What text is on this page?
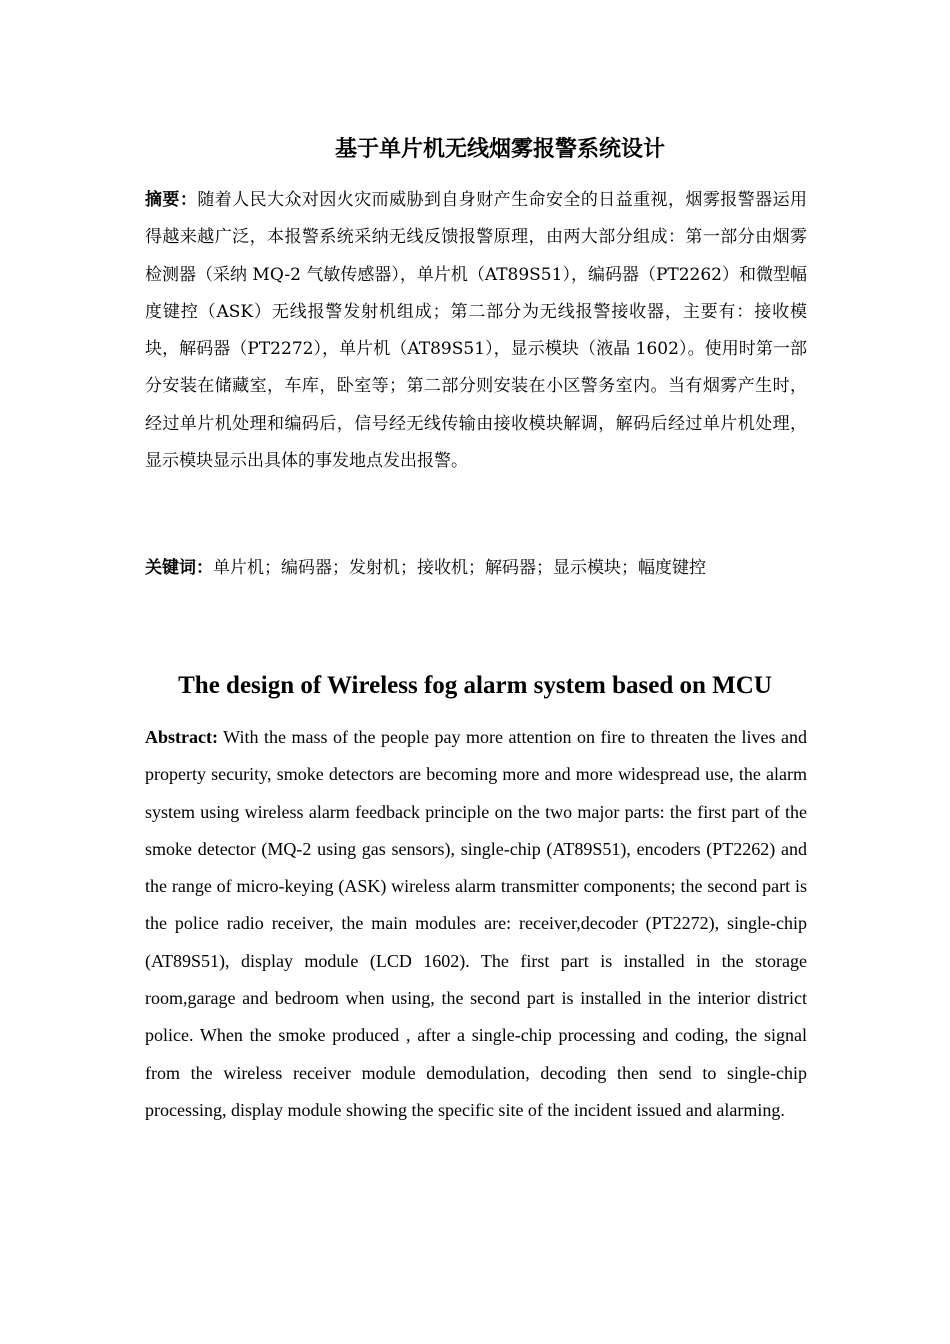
基于单片机无线烟雾报警系统设计

摘要：随着人民大众对因火灾而威胁到自身财产生命安全的日益重视，烟雾报警器运用得越来越广泛，本报警系统采纳无线反馈报警原理，由两大部分组成：第一部分由烟雾检测器（采纳 MQ-2 气敏传感器），单片机（AT89S51），编码器（PT2262）和微型幅度键控（ASK）无线报警发射机组成；第二部分为无线报警接收器，主要有：接收模块，解码器（PT2272），单片机（AT89S51），显示模块（液晶 1602）。使用时第一部分安装在储藏室，车库，卧室等；第二部分则安装在小区警务室内。当有烟雾产生时，经过单片机处理和编码后，信号经无线传输由接收模块解调，解码后经过单片机处理，显示模块显示出具体的事发地点发出报警。

关键词：单片机；编码器；发射机；接收机；解码器；显示模块；幅度键控

The design of Wireless fog alarm system based on MCU

Abstract: With the mass of the people pay more attention on fire to threaten the lives and property security, smoke detectors are becoming more and more widespread use, the alarm system using wireless alarm feedback principle on the two major parts: the first part of the smoke detector (MQ-2 using gas sensors), single-chip (AT89S51), encoders (PT2262) and the range of micro-keying (ASK) wireless alarm transmitter components; the second part is the police radio receiver, the main modules are: receiver,decoder (PT2272), single-chip (AT89S51), display module (LCD 1602). The first part is installed in the storage room,garage and bedroom when using, the second part is installed in the interior district police. When the smoke produced , after a single-chip processing and coding, the signal from the wireless receiver module demodulation, decoding then send to single-chip processing, display module showing the specific site of the incident issued and alarming.
